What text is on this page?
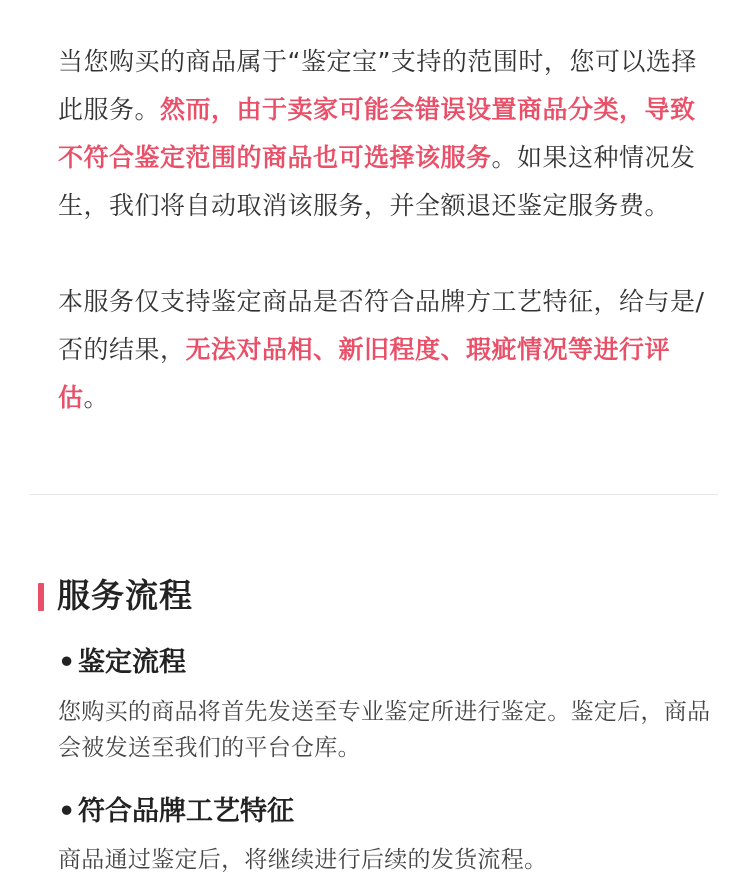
当您购买的商品属于“鉴定宝”支持的范围时，您可以选择此服务。然而，由于卖家可能会错误设置商品分类，导致不符合鉴定范围的商品也可选择该服务。如果这种情况发生，我们将自动取消该服务，并全额退还鉴定服务费。

本服务仅支持鉴定商品是否符合品牌方工艺特征，给与是/否的结果，无法对品相、新旧程度、瑕疵情况等进行评估。

服务流程

• 鉴定流程

您购买的商品将首先发送至专业鉴定所进行鉴定。鉴定后，商品会被发送至我们的平台仓库。

• 符合品牌工艺特征

商品通过鉴定后，将继续进行后续的发货流程。
